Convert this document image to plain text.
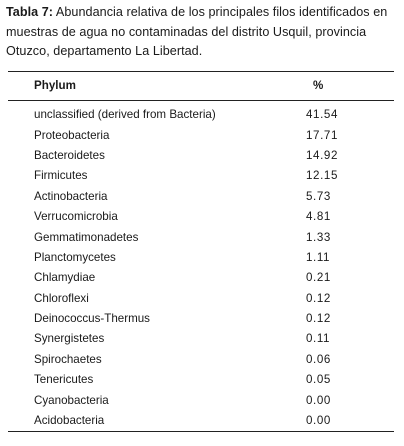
Tabla 7: Abundancia relativa de los principales filos identificados en muestras de agua no contaminadas del distrito Usquil, provincia Otuzco, departamento La Libertad.

Phylum	%
unclassified (derived from Bacteria)	41.54
Proteobacteria	17.71
Bacteroidetes	14.92
Firmicutes	12.15
Actinobacteria	5.73
Verrucomicrobia	4.81
Gemmatimonadetes	1.33
Planctomycetes	1.11
Chlamydiae	0.21
Chloroflexi	0.12
Deinococcus-Thermus	0.12
Synergistetes	0.11
Spirochaetes	0.06
Tenericutes	0.05
Cyanobacteria	0.00
Acidobacteria	0.00
